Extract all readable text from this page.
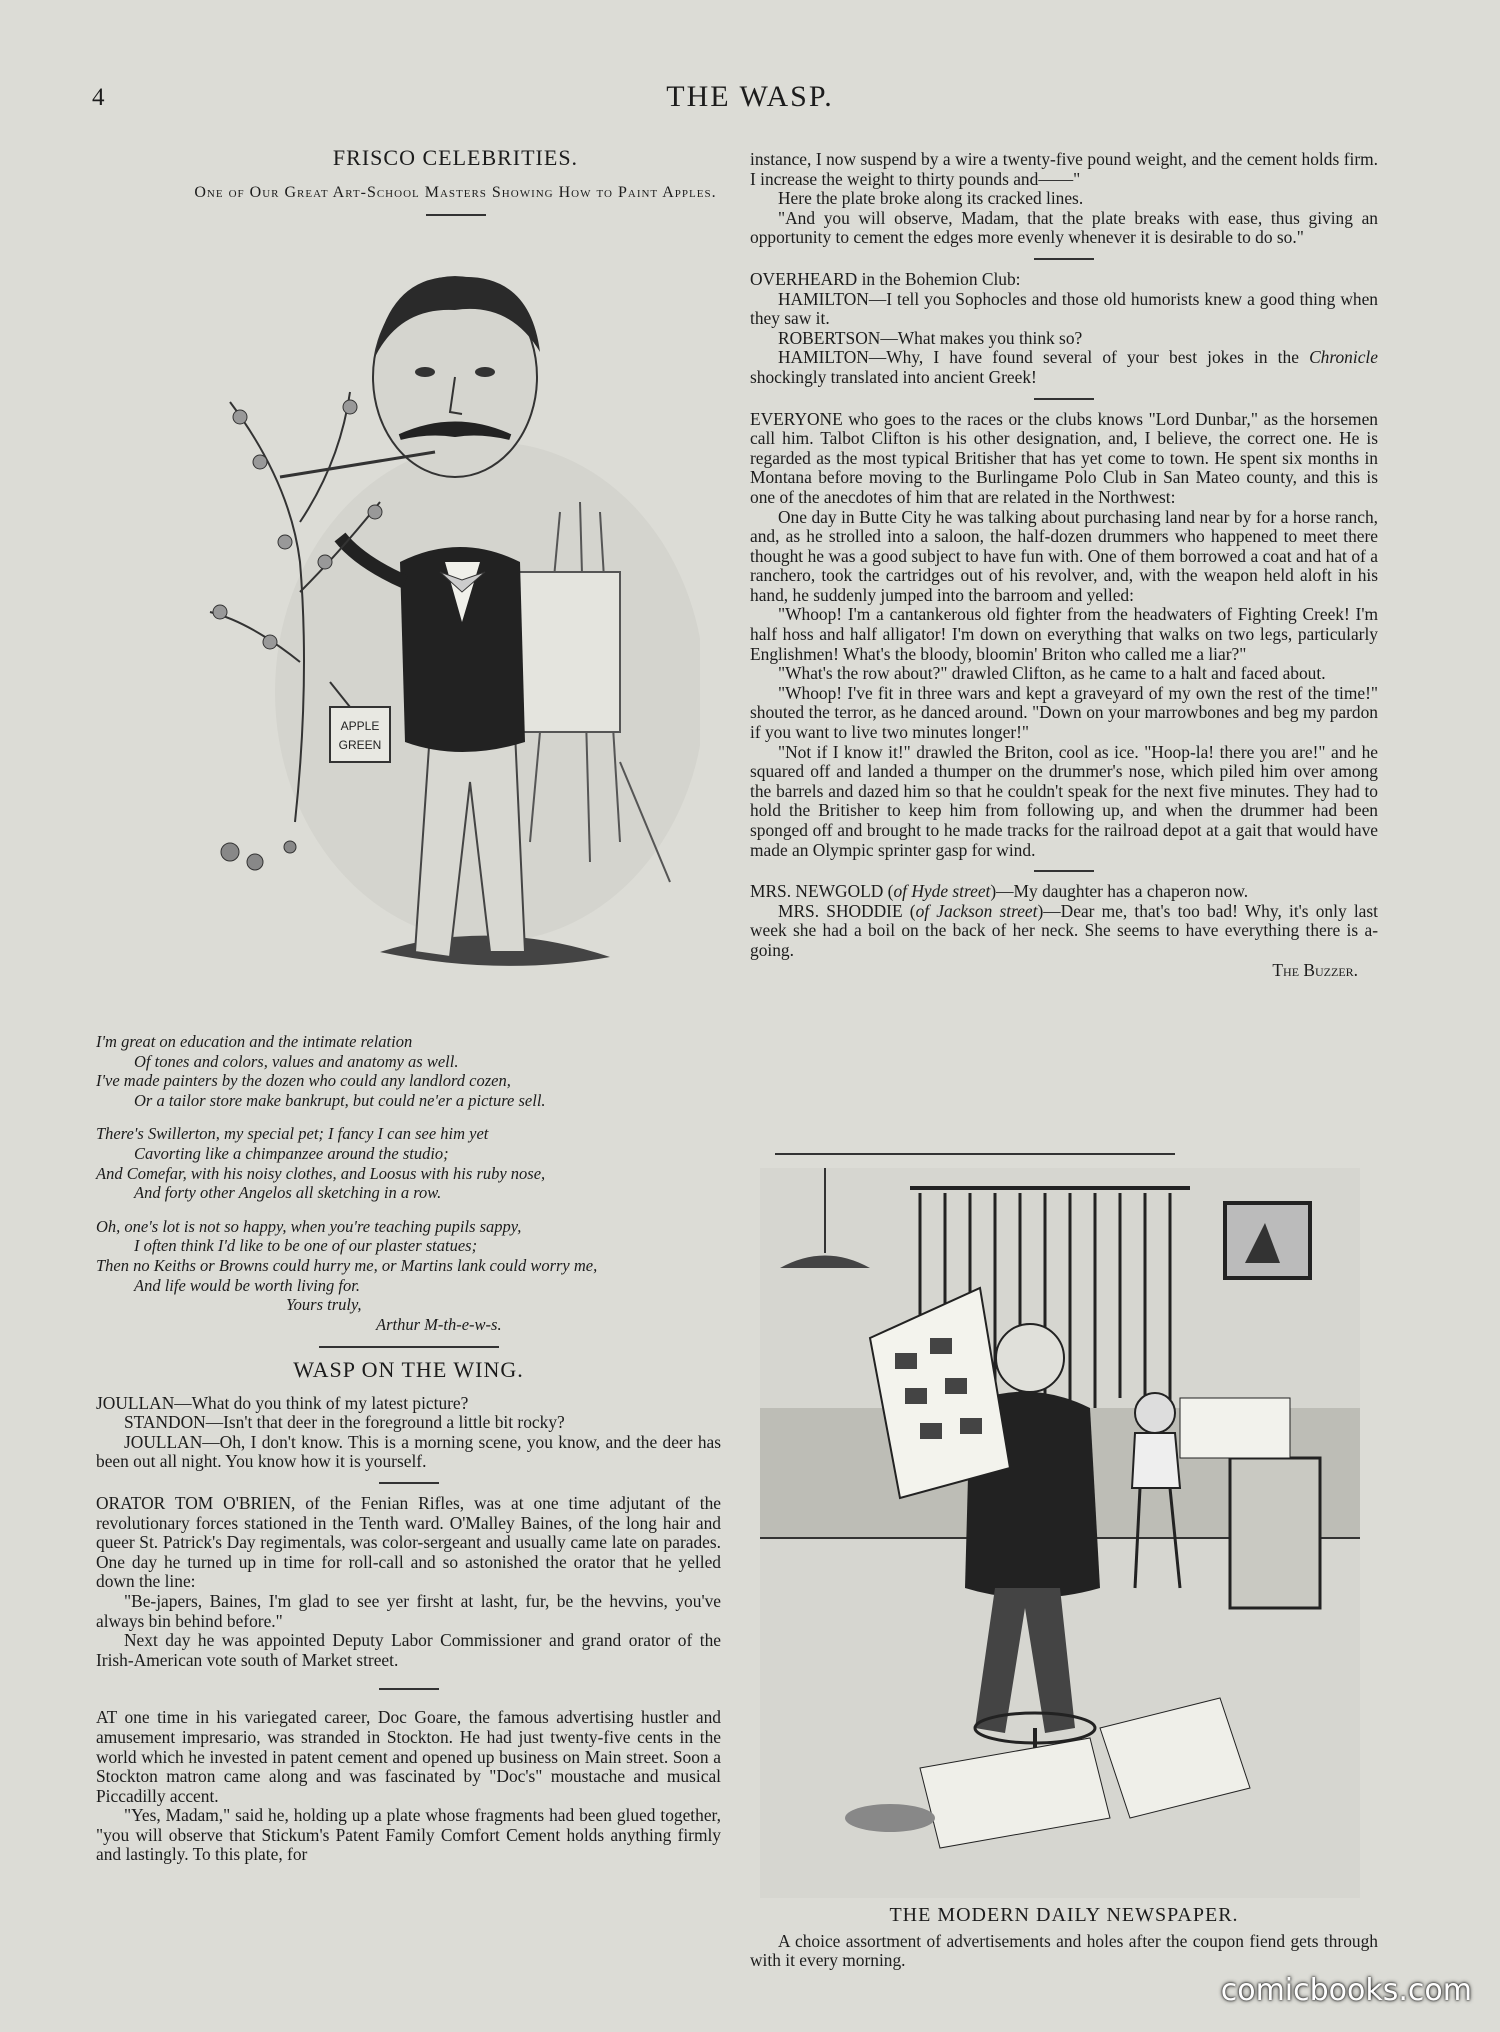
4	THE WASP.

FRISCO CELEBRITIES.

One of Our Great Art-School Masters Showing How to Paint Apples.
APPLE
GREEN
I'm great on education and the intimate relation
Of tones and colors, values and anatomy as well.
I've made painters by the dozen who could any landlord cozen,
Or a tailor store make bankrupt, but could ne'er a picture sell.
There's Swillerton, my special pet; I fancy I can see him yet
Cavorting like a chimpanzee around the studio;
And Comefar, with his noisy clothes, and Loosus with his ruby nose,
And forty other Angelos all sketching in a row.
Oh, one's lot is not so happy, when you're teaching pupils sappy,
I often think I'd like to be one of our plaster statues;
Then no Keiths or Browns could hurry me, or Martins lank could worry me,
And life would be worth living for.
Yours truly,
Arthur M-th-e-w-s.

WASP ON THE WING.

JOULLAN—What do you think of my latest picture?

STANDON—Isn't that deer in the foreground a little bit rocky?

JOULLAN—Oh, I don't know. This is a morning scene, you know, and the deer has been out all night. You know how it is yourself.

ORATOR TOM O'BRIEN, of the Fenian Rifles, was at one time adjutant of the revolutionary forces stationed in the Tenth ward. O'Malley Baines, of the long hair and queer St. Patrick's Day regimentals, was color-sergeant and usually came late on parades. One day he turned up in time for roll-call and so astonished the orator that he yelled down the line:

"Be-japers, Baines, I'm glad to see yer firsht at lasht, fur, be the hevvins, you've always bin behind before."

Next day he was appointed Deputy Labor Commissioner and grand orator of the Irish-American vote south of Market street.

AT one time in his variegated career, Doc Goare, the famous advertising hustler and amusement impresario, was stranded in Stockton. He had just twenty-five cents in the world which he invested in patent cement and opened up business on Main street. Soon a Stockton matron came along and was fascinated by "Doc's" moustache and musical Piccadilly accent.

"Yes, Madam," said he, holding up a plate whose fragments had been glued together, "you will observe that Stickum's Patent Family Comfort Cement holds anything firmly and lastingly. To this plate, for

instance, I now suspend by a wire a twenty-five pound weight, and the cement holds firm. I increase the weight to thirty pounds and——"

Here the plate broke along its cracked lines.

"And you will observe, Madam, that the plate breaks with ease, thus giving an opportunity to cement the edges more evenly whenever it is desirable to do so."

OVERHEARD in the Bohemion Club:

HAMILTON—I tell you Sophocles and those old humorists knew a good thing when they saw it.

ROBERTSON—What makes you think so?

HAMILTON—Why, I have found several of your best jokes in the Chronicle shockingly translated into ancient Greek!

EVERYONE who goes to the races or the clubs knows "Lord Dunbar," as the horsemen call him. Talbot Clifton is his other designation, and, I believe, the correct one. He is regarded as the most typical Britisher that has yet come to town. He spent six months in Montana before moving to the Burlingame Polo Club in San Mateo county, and this is one of the anecdotes of him that are related in the Northwest:

One day in Butte City he was talking about purchasing land near by for a horse ranch, and, as he strolled into a saloon, the half-dozen drummers who happened to meet there thought he was a good subject to have fun with. One of them borrowed a coat and hat of a ranchero, took the cartridges out of his revolver, and, with the weapon held aloft in his hand, he suddenly jumped into the barroom and yelled:

"Whoop! I'm a cantankerous old fighter from the headwaters of Fighting Creek! I'm half hoss and half alligator! I'm down on everything that walks on two legs, particularly Englishmen! What's the bloody, bloomin' Briton who called me a liar?"

"What's the row about?" drawled Clifton, as he came to a halt and faced about.

"Whoop! I've fit in three wars and kept a graveyard of my own the rest of the time!" shouted the terror, as he danced around. "Down on your marrowbones and beg my pardon if you want to live two minutes longer!"

"Not if I know it!" drawled the Briton, cool as ice. "Hoop-la! there you are!" and he squared off and landed a thumper on the drummer's nose, which piled him over among the barrels and dazed him so that he couldn't speak for the next five minutes. They had to hold the Britisher to keep him from following up, and when the drummer had been sponged off and brought to he made tracks for the railroad depot at a gait that would have made an Olympic sprinter gasp for wind.

MRS. NEWGOLD (of Hyde street)—My daughter has a chaperon now.

MRS. SHODDIE (of Jackson street)—Dear me, that's too bad! Why, it's only last week she had a boil on the back of her neck. She seems to have everything there is a-going.

The Buzzer.
THE MODERN DAILY NEWSPAPER.

A choice assortment of advertisements and holes after the coupon fiend gets through with it every morning.

comicbooks.com
